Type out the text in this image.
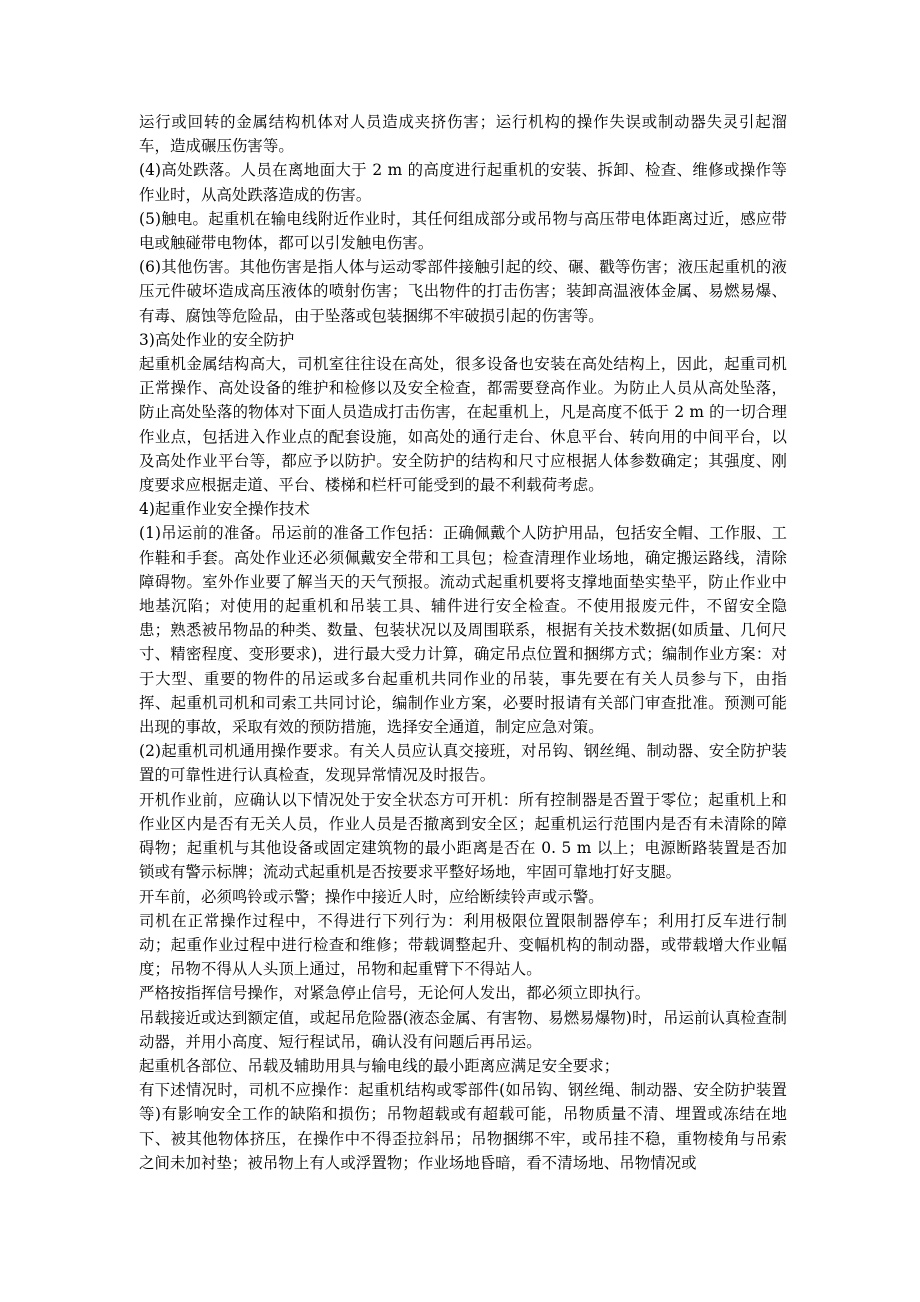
运行或回转的金属结构机体对人员造成夹挤伤害；运行机构的操作失误或制动器失灵引起溜车，造成碾压伤害等。

(4)高处跌落。人员在离地面大于 2 m 的高度进行起重机的安装、拆卸、检查、维修或操作等作业时，从高处跌落造成的伤害。

(5)触电。起重机在输电线附近作业时，其任何组成部分或吊物与高压带电体距离过近，感应带电或触碰带电物体，都可以引发触电伤害。

(6)其他伤害。其他伤害是指人体与运动零部件接触引起的绞、碾、戳等伤害；液压起重机的液压元件破坏造成高压液体的喷射伤害；飞出物件的打击伤害；装卸高温液体金属、易燃易爆、有毒、腐蚀等危险品，由于坠落或包装捆绑不牢破损引起的伤害等。

3)高处作业的安全防护

起重机金属结构高大，司机室往往设在高处，很多设备也安装在高处结构上，因此，起重司机正常操作、高处设备的维护和检修以及安全检查，都需要登高作业。为防止人员从高处坠落，防止高处坠落的物体对下面人员造成打击伤害，在起重机上，凡是高度不低于 2 m 的一切合理作业点，包括进入作业点的配套设施，如高处的通行走台、休息平台、转向用的中间平台，以及高处作业平台等，都应予以防护。安全防护的结构和尺寸应根据人体参数确定；其强度、刚度要求应根据走道、平台、楼梯和栏杆可能受到的最不利载荷考虑。

4)起重作业安全操作技术

(1)吊运前的准备。吊运前的准备工作包括：正确佩戴个人防护用品，包括安全帽、工作服、工作鞋和手套。高处作业还必须佩戴安全带和工具包；检查清理作业场地，确定搬运路线，清除障碍物。室外作业要了解当天的天气预报。流动式起重机要将支撑地面垫实垫平，防止作业中地基沉陷；对使用的起重机和吊装工具、辅件进行安全检查。不使用报废元件，不留安全隐患；熟悉被吊物品的种类、数量、包装状况以及周围联系，根据有关技术数据(如质量、几何尺寸、精密程度、变形要求)，进行最大受力计算，确定吊点位置和捆绑方式；编制作业方案：对于大型、重要的物件的吊运或多台起重机共同作业的吊装，事先要在有关人员参与下，由指挥、起重机司机和司索工共同讨论，编制作业方案，必要时报请有关部门审查批准。预测可能出现的事故，采取有效的预防措施，选择安全通道，制定应急对策。

(2)起重机司机通用操作要求。有关人员应认真交接班，对吊钩、钢丝绳、制动器、安全防护装置的可靠性进行认真检查，发现异常情况及时报告。

开机作业前，应确认以下情况处于安全状态方可开机：所有控制器是否置于零位；起重机上和作业区内是否有无关人员，作业人员是否撤离到安全区；起重机运行范围内是否有未清除的障碍物；起重机与其他设备或固定建筑物的最小距离是否在 0. 5 m 以上；电源断路装置是否加锁或有警示标牌；流动式起重机是否按要求平整好场地，牢固可靠地打好支腿。

开车前，必须鸣铃或示警；操作中接近人时，应给断续铃声或示警。

司机在正常操作过程中，不得进行下列行为：利用极限位置限制器停车；利用打反车进行制动；起重作业过程中进行检查和维修；带载调整起升、变幅机构的制动器，或带载增大作业幅度；吊物不得从人头顶上通过，吊物和起重臂下不得站人。

严格按指挥信号操作，对紧急停止信号，无论何人发出，都必须立即执行。

吊载接近或达到额定值，或起吊危险器(液态金属、有害物、易燃易爆物)时，吊运前认真检查制动器，并用小高度、短行程试吊，确认没有问题后再吊运。

起重机各部位、吊载及辅助用具与输电线的最小距离应满足安全要求；

有下述情况时，司机不应操作：起重机结构或零部件(如吊钩、钢丝绳、制动器、安全防护装置等)有影响安全工作的缺陷和损伤；吊物超载或有超载可能，吊物质量不清、埋置或冻结在地下、被其他物体挤压，在操作中不得歪拉斜吊；吊物捆绑不牢，或吊挂不稳，重物棱角与吊索之间未加衬垫；被吊物上有人或浮置物；作业场地昏暗，看不清场地、吊物情况或
